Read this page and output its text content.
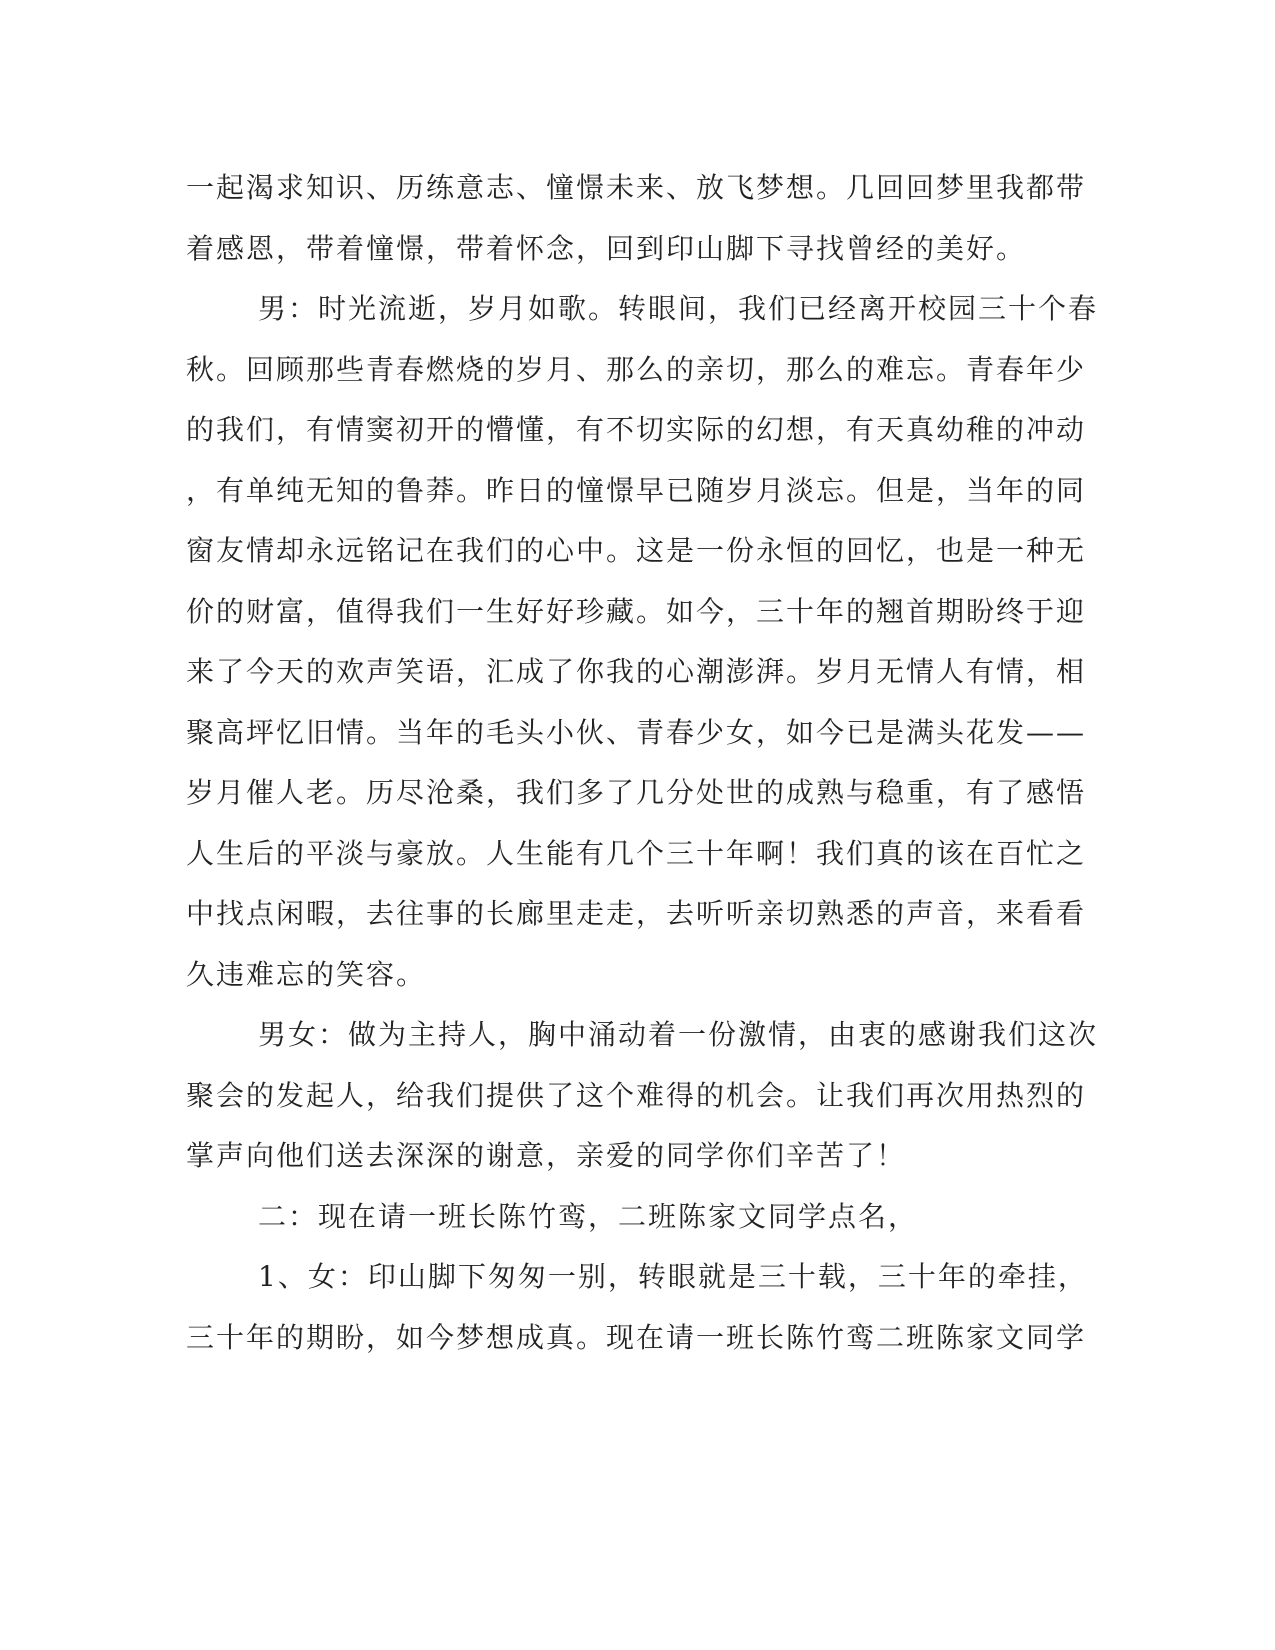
一起渴求知识、历练意志、憧憬未来、放飞梦想。几回回梦里我都带
着感恩，带着憧憬，带着怀念，回到印山脚下寻找曾经的美好。
男：时光流逝，岁月如歌。转眼间，我们已经离开校园三十个春
秋。回顾那些青春燃烧的岁月、那么的亲切，那么的难忘。青春年少
的我们，有情窦初开的懵懂，有不切实际的幻想，有天真幼稚的冲动
，有单纯无知的鲁莽。昨日的憧憬早已随岁月淡忘。但是，当年的同
窗友情却永远铭记在我们的心中。这是一份永恒的回忆，也是一种无
价的财富，值得我们一生好好珍藏。如今，三十年的翘首期盼终于迎
来了今天的欢声笑语，汇成了你我的心潮澎湃。岁月无情人有情，相
聚高坪忆旧情。当年的毛头小伙、青春少女，如今已是满头花发——
岁月催人老。历尽沧桑，我们多了几分处世的成熟与稳重，有了感悟
人生后的平淡与豪放。人生能有几个三十年啊！我们真的该在百忙之
中找点闲暇，去往事的长廊里走走，去听听亲切熟悉的声音，来看看
久违难忘的笑容。
男女：做为主持人，胸中涌动着一份激情，由衷的感谢我们这次
聚会的发起人，给我们提供了这个难得的机会。让我们再次用热烈的
掌声向他们送去深深的谢意，亲爱的同学你们辛苦了！
二：现在请一班长陈竹鸾，二班陈家文同学点名，
1、女：印山脚下匆匆一别，转眼就是三十载，三十年的牵挂，
三十年的期盼，如今梦想成真。现在请一班长陈竹鸾二班陈家文同学
